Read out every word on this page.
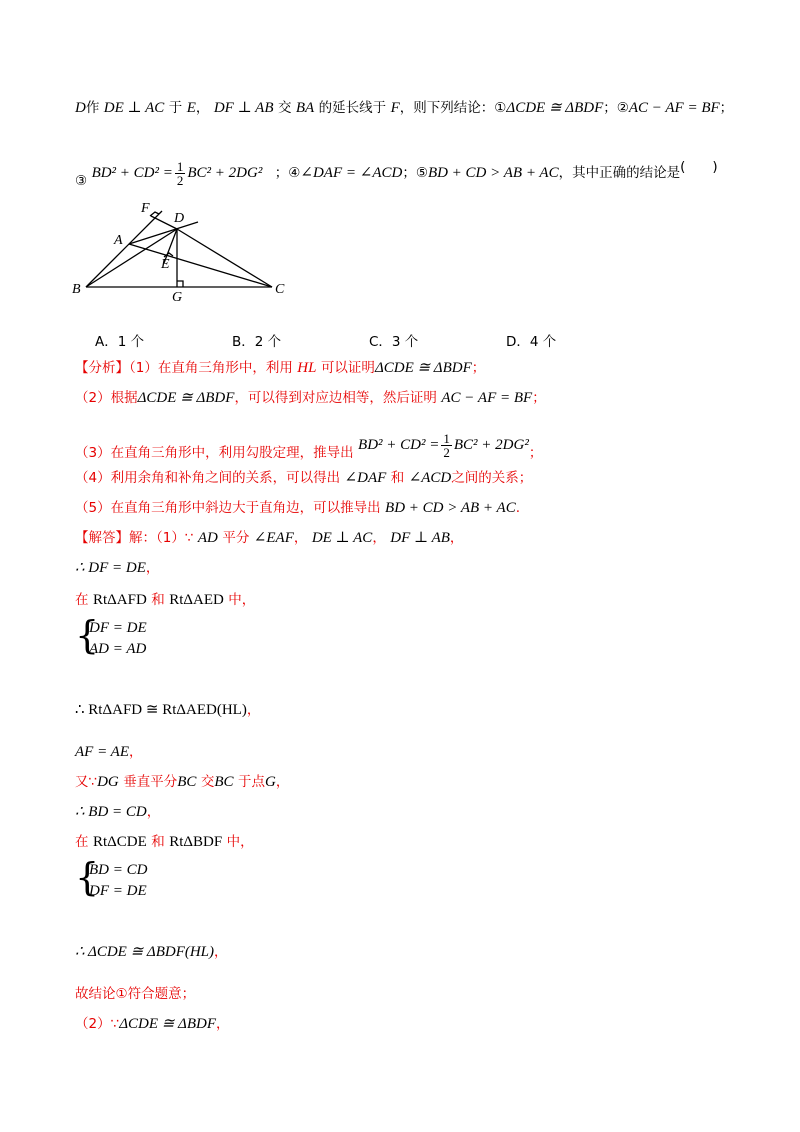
D作 DE ⊥ AC 于 E， DF ⊥ AB 交 BA 的延长线于 F，则下列结论：①ΔCDE ≅ ΔBDF；②AC − AF = BF；
③ $BD^2 + CD^2 = \frac{1}{2} BC^2 + 2DG^2$ ；④∠DAF = ∠ACD；⑤BD + CD > AB + AC，其中正确的结论是(　　)
F
D
A
E
B
G
C
A．1 个	B．2 个	C．3 个	D．4 个
【分析】（1）在直角三角形中，利用 HL 可以证明ΔCDE ≅ ΔBDF；
（2）根据ΔCDE ≅ ΔBDF，可以得到对应边相等，然后证明 AC − AF = BF；
（3）在直角三角形中，利用勾股定理，推导出 $BD^2 + CD^2 = \frac{1}{2} BC^2 + 2DG^2$；
（4）利用余角和补角之间的关系，可以得出 ∠DAF 和 ∠ACD之间的关系；
（5）在直角三角形中斜边大于直角边，可以推导出 BD + CD > AB + AC.
【解答】解：（1）∵ AD 平分 ∠EAF， DE ⊥ AC， DF ⊥ AB，
∴ DF = DE，
在 RtΔAFD 和 RtΔAED 中，
{
DF = DE
AD = AD
∴ RtΔAFD ≅ RtΔAED(HL)，
AF = AE，
又∵DG 垂直平分BC 交BC 于点G，
∴ BD = CD，
在 RtΔCDE 和 RtΔBDF 中，
{
BD = CD
DF = DE
∴ ΔCDE ≅ ΔBDF(HL)，
故结论①符合题意；
（2）∵ΔCDE ≅ ΔBDF，
